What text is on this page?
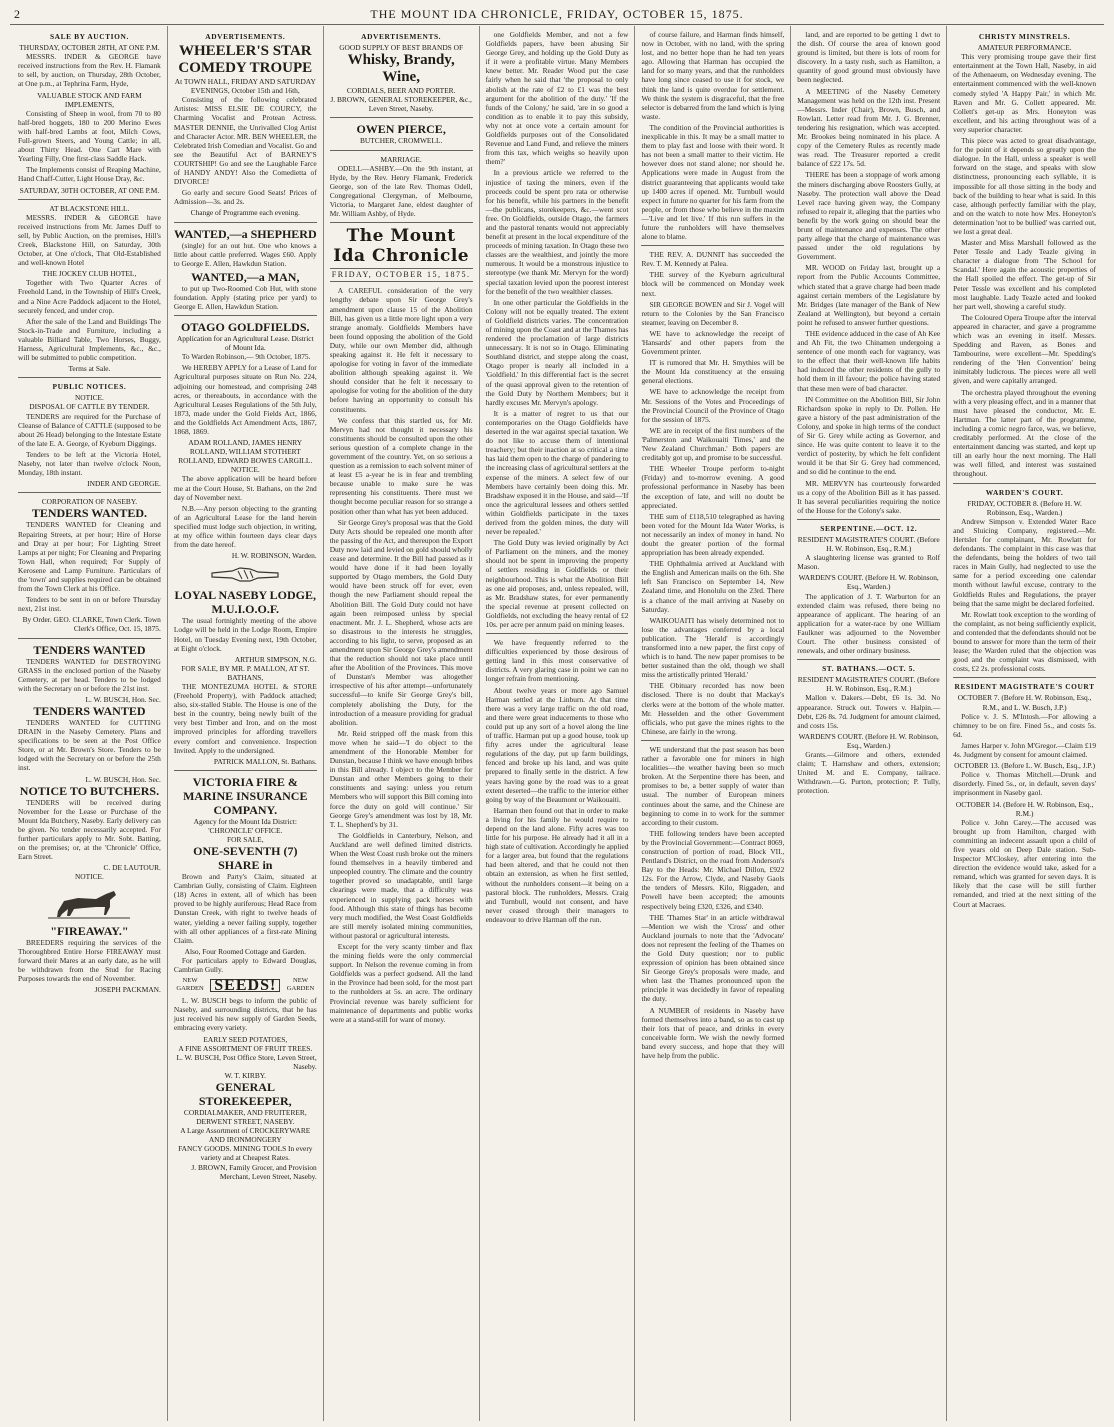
2	THE MOUNT IDA CHRONICLE, FRIDAY, OCTOBER 15, 1875.
SALE BY AUCTION.
THURSDAY, OCTOBER 28TH, AT ONE P.M.

MESSRS. INDER & GEORGE have received instructions from the Rev. H. Flamank to sell, by auction, on Thursday, 28th October, at One p.m., at Tephrina Farm, Hyde,

VALUABLE STOCK AND FARM IMPLEMENTS,

Consisting of Sheep in wool, from 70 to 80 half-bred hoggets, 180 to 200 Merino Ewes with half-bred Lambs at foot, Milch Cows, Full-grown Steers, and Young Cattle; in all, about Thirty Head. One Cart Mare with Yearling Filly, One first-class Saddle Hack.

The Implements consist of Reaping Machine, Hand Chaff-Cutter, Light House Dray, &c.

SATURDAY, 30TH OCTOBER, AT ONE P.M.
AT BLACKSTONE HILL.

MESSRS. INDER & GEORGE have received instructions from Mr. James Duff to sell, by Public Auction, on the premises, Hill's Creek, Blackstone Hill, on Saturday, 30th October, at One o'clock, That Old-Established and well-known Hotel

THE JOCKEY CLUB HOTEL,

Together with Two Quarter Acres of Freehold Land, in the Township of Hill's Creek, and a Nine Acre Paddock adjacent to the Hotel, securely fenced, and under crop.

After the sale of the Land and Buildings The Stock-in-Trade and Furniture, including a valuable Billiard Table, Two Horses, Buggy, Harness, Agricultural Implements, &c., &c., will be submitted to public competition.

Terms at Sale.
PUBLIC NOTICES.
NOTICE.
DISPOSAL OF CATTLE BY TENDER.

TENDERS are required for the Purchase of Cleanse of Balance of CATTLE (supposed to be about 26 Head) belonging to the Intestate Estate of the late E. A. George, of Kyeburn Diggings.

Tenders to be left at the Victoria Hotel, Naseby, not later than twelve o'clock Noon, Monday, 18th instant.

INDER AND GEORGE.
CORPORATION OF NASEBY.
TENDERS WANTED.

TENDERS WANTED for Cleaning and Repairing Streets, at per hour; Hire of Horse and Dray at per hour; For Lighting Street Lamps at per night; For Cleaning and Preparing Town Hall, when required; For Supply of Kerosene and Lamp Furniture. Particulars of the 'town' and supplies required can be obtained from the Town Clerk at his Office.

Tenders to be sent in on or before Thursday next, 21st inst.

By Order. GEO. CLARKE, Town Clerk. Town Clerk's Office, Oct. 15, 1875.
TENDERS WANTED

TENDERS WANTED for DESTROYING GRASS in the enclosed portion of the Naseby Cemetery, at per head. Tenders to be lodged with the Secretary on or before the 21st inst.

L. W. BUSCH, Hon. Sec.
TENDERS WANTED

TENDERS WANTED for CUTTING DRAIN in the Naseby Cemetery. Plans and specifications to be seen at the Post Office Store, or at Mr. Brown's Store. Tenders to be lodged with the Secretary on or before the 25th inst.

L. W. BUSCH, Hon. Sec.
NOTICE TO BUTCHERS.

TENDERS will be received during November for the Lease or Purchase of the Mount Ida Butchery, Naseby. Early delivery can be given. No tender necessarily accepted. For further particulars apply to Mr. Sobt. Batting, on the premises; or, at the 'Chronicle' Office, Earn Street.

C. DE LAUTOUR.
NOTICE.
"FIREAWAY."

BREEDERS requiring the services of the Thoroughbred Entire Horse FIREAWAY must forward their Mares at an early date, as he will be withdrawn from the Stud for Racing Purposes towards the end of November.

JOSEPH PACKMAN.
ADVERTISEMENTS.
WHEELER'S STAR COMEDY TROUPE
At TOWN HALL, FRIDAY AND SATURDAY EVENINGS, October 15th and 16th,

Consisting of the following celebrated Artistes: MISS ELSIE DE COURCY, the Charming Vocalist and Protean Actress. MASTER DENNIE, the Unrivalled Clog Artist and Character Actor. MR. BEN WHEELER, the Celebrated Irish Comedian and Vocalist. Go and see the Beautiful Act of BARNEY'S COURTSHIP! Go and see the Laughable Farce of HANDY ANDY! Also the Comedietta of DIVORCE!

Go early and secure Good Seats! Prices of Admission—3s. and 2s.

Change of Programme each evening.
WANTED,—a SHEPHERD

(single) for an out hut. One who knows a little about cattle preferred. Wages £60. Apply to George E. Allen, Hawkdun Station.

WANTED,—a MAN,

to put up Two-Roomed Cob Hut, with stone foundation. Apply (stating price per yard) to George E. Allen, Hawkdun Station.

OTAGO GOLDFIELDS.
Application for an Agricultural Lease. District of Mount Ida.

To Warden Robinson,— 9th October, 1875.

We HEREBY APPLY for a Lease of Land for Agricultural purposes situate on Run No. 224, adjoining our homestead, and comprising 248 acres, or thereabouts, in accordance with the Agricultural Leases Regulations of the 5th July, 1873, made under the Gold Fields Act, 1866, and the Goldfields Act Amendment Acts, 1867, 1868, 1869.

ADAM ROLLAND, JAMES HENRY ROLLAND, WILLIAM STOTHERT ROLLAND, EDWARD BOWES CARGILL.
NOTICE.

The above application will be heard before me at the Court House, St. Bathans, on the 2nd day of November next.

N.B.—Any person objecting to the granting of an Agricultural Lease for the land herein specified must lodge such objection, in writing, at my office within fourteen days clear days from the date hereof.

H. W. ROBINSON, Warden.
LOYAL NASEBY LODGE, M.U.I.O.O.F.

The usual fortnightly meeting of the above Lodge will be held in the Lodge Room, Empire Hotel, on Tuesday Evening next, 19th October, at Eight o'clock.

ARTHUR SIMPSON, N.G.
FOR SALE, BY MR. P. MALLON, AT ST. BATHANS,

THE MONTEZUMA HOTEL & STORE (Freehold Property), with Paddock attached; also, six-stalled Stable. The House is one of the best in the country, being newly built of the very best Timber and Iron, and on the most improved principles for affording travellers every comfort and convenience. Inspection Invited. Apply to the undersigned.

PATRICK MALLON, St. Bathans.
VICTORIA FIRE & MARINE INSURANCE COMPANY.
Agency for the Mount Ida District: 'CHRONICLE' OFFICE.
FOR SALE,
ONE-SEVENTH (7) SHARE in

Brown and Party's Claim, situated at Cambrian Gully, consisting of Claim. Eighteen (18) Acres in extent, all of which has been proved to be highly auriferous; Head Race from Dunstan Creek, with right to twelve heads of water, yielding a never failing supply, together with all other appliances of a first-rate Mining Claim.

Also, Four Roomed Cottage and Garden.

For particulars apply to Edward Douglas, Cambrian Gully.

NEW GARDEN SEEDS!	NEW GARDEN

L. W. BUSCH begs to inform the public of Naseby, and surrounding districts, that he has just received his new supply of Garden Seeds, embracing every variety.

EARLY SEED POTATOES,
A FINE ASSORTMENT OF FRUIT TREES.
L. W. BUSCH, Post Office Store, Leven Street, Naseby.
W. T. KIRBY.
GENERAL STOREKEEPER,
CORDIALMAKER, AND FRUITERER, DERWENT STREET, NASEBY.
A Large Assortment of CROCKERYWARE AND IRONMONGERY
FANCY GOODS. MINING TOOLS In every variety and at Cheapest Rates.
J. BROWN, Family Grocer, and Provision Merchant, Leven Street, Naseby.
ADVERTISEMENTS.
GOOD SUPPLY OF BEST BRANDS OF
Whisky, Brandy, Wine,
CORDIALS, BEER AND PORTER.
J. BROWN, GENERAL STOREKEEPER, &c., Leven Street, Naseby.
OWEN PIERCE,
BUTCHER, CROMWELL.
MARRIAGE.

ODELL—ASHBY.—On the 9th instant, at Hyde, by the Rev. Henry Flamank, Frederick George, son of the late Rev. Thomas Odell, Congregational Clergyman, of Melbourne, Victoria, to Margaret Jane, eldest daughter of Mr. William Ashby, of Hyde.

The Mount Ida Chronicle
FRIDAY, OCTOBER 15, 1875.

A CAREFUL consideration of the very lengthy debate upon Sir George Grey's amendment upon clause 15 of the Abolition Bill, has given us a little more light upon a very strange anomaly. Goldfields Members have been found opposing the abolition of the Gold Duty, while our own Member did, although speaking against it. He felt it necessary to apologise for voting in favor of the immediate abolition although speaking against it. We should consider that he felt it necessary to apologise for voting for the abolition of the duty before having an opportunity to consult his constituents.

We confess that this startled us, for Mr. Mervyn had not thought it necessary his constituents should be consulted upon the other serious question of a complete change in the government of the country. Yet, on so serious a question as a remission to each solvent miner of at least £5 a-year he is in fear and trembling because unable to make sure he was representing his constituents. There must we thought become peculiar reason for so strange a position other than what has yet been adduced.

Sir George Grey's proposal was that the Gold Duty Acts should be repealed one month after the passing of the Act, and thereupon the Export Duty now laid and levied on gold should wholly cease and determine. It the Bill had passed as it would have done if it had been loyally supported by Otago members, the Gold Duty would have been struck off for ever, even though the new Parliament should repeal the Abolition Bill. The Gold Duty could not have again been reimposed unless by special enactment. Mr. J. L. Shepherd, whose acts are so disastrous to the interests he struggles, according to his light, to serve, proposed as an amendment upon Sir George Grey's amendment that the reduction should not take place until after the Abolition of the Provinces. This move of Dunstan's Member was altogether irrespective of his after attempt—unfortunately successful—to knife Sir George Grey's bill, completely abolishing the Duty, for the introduction of a measure providing for gradual abolition.

Mr. Reid stripped off the mask from this move when he said—'I do object to the amendment of the Honorable Member for Dunstan, because I think we have enough bribes in this Bill already. I object to the Member for Dunstan and other Members going to their constituents and saying: unless you return Members who will support this Bill coming into force the duty on gold will continue.' Sir George Grey's amendment was lost by 18, Mr. T. L. Shepherd's by 31.

The Goldfields in Canterbury, Nelson, and Auckland are well defined limited districts. When the West Coast rush broke out the miners found themselves in a heavily timbered and unpeopled country. The climate and the country together proved so unadaptable, until large clearings were made, that a difficulty was experienced in supplying pack horses with food. Although this state of things has become very much modified, the West Coast Goldfields are still merely isolated mining communities, without pastoral or agricultural interests.

Except for the very scanty timber and flax the mining fields were the only commercial support. In Nelson the revenue coming in from Goldfields was a perfect godsend. All the land in the Province had been sold, for the most part to the runholders at 5s. an acre. The ordinary Provincial revenue was barely sufficient for maintenance of departments and public works were at a stand-still for want of money.

one Goldfields Member, and not a few Goldfields papers, have been abusing Sir George Grey, and holding up the Gold Duty as if it were a profitable virtue. Many Members knew better. Mr. Reader Wood put the case fairly when he said that 'the proposal to only abolish at the rate of £2 to £1 was the best argument for the abolition of the duty.' 'If the funds of the Colony,' he said, 'are in so good a condition as to enable it to pay this subsidy, why not at once vote a certain amount for Goldfields purposes out of the Consolidated Revenue and Land Fund, and relieve the miners from this tax, which weighs so heavily upon them?'

In a previous article we referred to the injustice of taxing the miners, even if the proceeds could be spent pro rata or otherwise for his benefit, while his partners in the benefit—the publicans, storekeepers, &c.—went scot free. On Goldfields, outside Otago, the farmers and the pastoral tenants would not appreciably benefit at present in the local expenditure of the proceeds of mining taxation. In Otago these two classes are the wealthiest, and jointly the more numerous. It would be a monstrous injustice to stereotype (we thank Mr. Mervyn for the word) special taxation levied upon the poorest interest for the benefit of the two wealthier classes.

In one other particular the Goldfields in the Colony will not be equally treated. The extent of Goldfield districts varies. The concentration of mining upon the Coast and at the Thames has rendered the proclamation of large districts unnecessary. It is not so in Otago. Eliminating Southland district, and steppe along the coast, Otago proper is nearly all included in a 'Goldfield.' In this differential fact is the secret of the quasi approval given to the retention of the Gold Duty by Northern Members; but it hardly excuses Mr. Mervyn's apology.

It is a matter of regret to us that our contemporaries on the Otago Goldfields have deserted in the war against special taxation. We do not like to accuse them of intentional treachery; but their inaction at so critical a time has laid them open to the charge of pandering to the increasing class of agricultural settlers at the expense of the miners. A select few of our Members have certainly been doing this. Mr. Bradshaw exposed it in the House, and said—'If once the agricultural lessees and others settled within Goldfields participate in the taxes derived from the golden mines, the duty will never be repealed.'

The Gold Duty was levied originally by Act of Parliament on the miners, and the money should not be spent in improving the property of settlers residing in Goldfields or their neighbourhood. This is what the Abolition Bill as one aid proposes, and, unless repealed, will, as Mr. Bradshaw states, for ever permanently the special revenue at present collected on Goldfields, not excluding the heavy rental of £2 10s. per acre per annum paid on mining leases.

We have frequently referred to the difficulties experienced by those desirous of getting land in this most conservative of districts. A very glaring case in point we can no longer refrain from mentioning.

About twelve years or more ago Samuel Harman settled at the Linburn. At that time there was a very large traffic on the old road, and there were great inducements to those who could put up any sort of a hovel along the line of traffic. Harman put up a good house, took up fifty acres under the agricultural lease regulations of the day, put up farm buildings, fenced and broke up his land, and was quite prepared to finally settle in the district. A few years having gone by the road was to a great extent deserted—the traffic to the interior either going by way of the Beaumont or Waikouaiti.

Harman then found out that in order to make a living for his family he would require to depend on the land alone. Fifty acres was too little for his purpose. He already had it all in a high state of cultivation. Accordingly he applied for a larger area, but found that the regulations had been altered, and that he could not then obtain an extension, as when he first settled, without the runholders consent—it being on a pastoral block. The runholders, Messrs. Craig and Turnbull, would not consent, and have never ceased through their managers to endeavour to drive Harman off the run.

of course failure, and Harman finds himself, now in October, with no land, with the spring lost, and no better hope than he had ten years ago. Allowing that Harman has occupied the land for so many years, and that the runholders have long since ceased to use it for stock, we think the land is quite overdue for settlement. We think the system is disgraceful, that the free selector is debarred from the land which is lying waste.

The condition of the Provincial authorities is inexplicable in this. It may be a small matter to them to play fast and loose with their word. It has not been a small matter to their victim. He however does not stand alone; nor should he. Applications were made in August from the district guaranteeing that applicants would take up 1400 acres if opened. Mr. Turnbull would expect in future no quarter for his farm from the people, or from those who believe in the maxim—'Live and let live.' If this run suffers in the future the runholders will have themselves alone to blame.

THE REV. A. DUNNIT has succeeded the Rev. T. M. Kennedy at Palea.

THE survey of the Kyeburn agricultural block will be commenced on Monday week next.

SIR GEORGE BOWEN and Sir J. Vogel will return to the Colonies by the San Francisco steamer, leaving on December 8.

WE have to acknowledge the receipt of 'Hansards' and other papers from the Government printer.

IT is rumored that Mr. H. Smythies will be the Mount Ida constituency at the ensuing general elections.

WE have to acknowledge the receipt from Mr. Sessions of the Votes and Proceedings of the Provincial Council of the Province of Otago for the session of 1875.

WE are in receipt of the first numbers of the 'Palmerston and Waikouaiti Times,' and the 'New Zealand Churchman.' Both papers are creditably got up, and promise to be successful.

THE Wheeler Troupe perform to-night (Friday) and to-morrow evening. A good professional performance in Naseby has been the exception of late, and will no doubt be appreciated.

THE sum of £118,510 telegraphed as having been voted for the Mount Ida Water Works, is not necessarily an index of money in hand. No doubt the greater portion of the formal appropriation has been already expended.

THE Ophthalmia arrived at Auckland with the English and American mails on the 6th. She left San Francisco on September 14, New Zealand time, and Honolulu on the 23rd. There is a chance of the mail arriving at Naseby on Saturday.

WAIKOUAITI has wisely determined not to lose the advantages conferred by a local publication. The 'Herald' is accordingly transformed into a new paper, the first copy of which is to hand. The new paper promises to be better sustained than the old, though we shall miss the artistically printed 'Herald.'

THE Obituary recorded has now been disclosed. There is no doubt that Mackay's clerks were at the bottom of the whole matter. Mr. Hesselden and the other Government officials, who put gave the mines rights to the Chinese, are fairly in the wrong.

WE understand that the past season has been rather a favorable one for miners in high localities—the weather having been so much broken. At the Serpentine there has been, and promises to be, a better supply of water than usual. The number of European miners continues about the same, and the Chinese are beginning to come in to work for the summer according to their custom.

THE following tenders have been accepted by the Provincial Government:—Contract 8069, construction of portion of road, Block VII., Pentland's District, on the road from Anderson's Bay to the Heads: Mr. Michael Dillon, £922 12s. For the Arrow, Clyde, and Naseby Gaols the tenders of Messrs. Kilo, Riggaden, and Powell have been accepted; the amounts respectively being £320, £326, and £340.

THE 'Thames Star' in an article withdrawal—Mention we wish the 'Cross' and other Auckland journals to note that the 'Advocate' does not represent the feeling of the Thames on the Gold Duty question; nor to public expression of opinion has been obtained since Sir George Grey's proposals were made, and when last the Thames pronounced upon the principle it was decidedly in favor of repealing the duty.

A NUMBER of residents in Naseby have formed themselves into a band, so as to cast up their lots that of peace, and drinks in every conceivable form. We wish the newly formed band every success, and hope that they will have help from the public.

land, and are reported to be getting 1 dwt to the dish. Of course the area of known good ground is limited, but there is lots of room for discovery. In a tasty rush, such as Hamilton, a quantity of good ground must obviously have been neglected.

A MEETING of the Naseby Cemetery Management was held on the 12th inst. Present—Messrs. Inder (Chair), Brown, Busch, and Rowlatt. Letter read from Mr. J. G. Brenner, tendering his resignation, which was accepted. Mr. Brookes being nominated in his place. A copy of the Cemetery Rules as recently made was read. The Treasurer reported a credit balance of £22 17s. 5d.

THERE has been a stoppage of work among the miners discharging above Roosters Gully, at Naseby. The protection wall above the Dead Level race having given way, the Company refused to repair it, alleging that the parties who benefit by the work going on should bear the brunt of maintenance and expenses. The other party allege that the charge of maintenance was passed under the old regulations by Government.

MR. WOOD on Friday last, brought up a report from the Public Accounts Committee, which stated that a grave charge had been made against certain members of the Legislature by Mr. Bridges (late manager of the Bank of New Zealand at Wellington), but beyond a certain point he refused to answer further questions.

THE evidence adduced in the case of Ah Kee and Ah Fit, the two Chinamen undergoing a sentence of one month each for vagrancy, was to the effect that their well-known life habits had induced the other residents of the gully to hold them in ill favour; the police having stated that these men were of bad character.

IN Committee on the Abolition Bill, Sir John Richardson spoke in reply to Dr. Pollen. He gave a history of the past administration of the Colony, and spoke in high terms of the conduct of Sir G. Grey while acting as Governor, and since. He was quite content to leave it to the verdict of posterity, by which he felt confident would it be that Sir G. Grey had commenced, and so did he continue to the end.

MR. MERVYN has courteously forwarded us a copy of the Abolition Bill as it has passed. It has several peculiarities requiring the notice of the House for the Colony's sake.

SERPENTINE.—OCT. 12.
RESIDENT MAGISTRATE'S COURT. (Before H. W. Robinson, Esq., R.M.)

A slaughtering license was granted to Rolf Mason.

WARDEN'S COURT. (Before H. W. Robinson, Esq., Warden.)

The application of J. T. Warburton for an extended claim was refused, there being no appearance of applicant. The hearing of an application for a water-race by one William Faulkner was adjourned to the November Court. The other business consisted of renewals, and other ordinary business.

ST. BATHANS.—OCT. 5.
RESIDENT MAGISTRATE'S COURT. (Before H. W. Robinson, Esq., R.M.)

Mallon v. Dakers.—Debt, £6 1s. 3d. No appearance. Struck out. Towers v. Halpin.—Debt, £26 8s. 7d. Judgment for amount claimed, and costs 15s.

WARDEN'S COURT. (Before H. W. Robinson, Esq., Warden.)

Grants.—Gilmore and others, extended claim; T. Harnshaw and others, extension; United M. and E. Company, tailrace. Withdrawn.—G. Purton, protection; P. Tully, protection.

CHRISTY MINSTRELS.
AMATEUR PERFORMANCE.

This very promising troupe gave their first entertainment at the Town Hall, Naseby, in aid of the Athenaeum, on Wednesday evening. The entertainment commenced with the well-known comedy styled 'A Happy Pair,' in which Mr. Raven and Mr. G. Collett appeared. Mr. Collett's get-up as Mrs. Honeyton was excellent, and his acting throughout was of a very superior character.

This piece was acted to great disadvantage, for the point of it depends so greatly upon the dialogue. In the Hall, unless a speaker is well forward on the stage, and speaks with slow distinctness, pronouncing each syllable, it is impossible for all those sitting in the body and back of the building to hear what is said. In this case, although perfectly familiar with the play, and on the watch to note how Mrs. Honeyton's determination 'not to be bullied' was carried out, we lost a great deal.

Master and Miss Marshall followed as the Peter Tessle and Lady Teazle giving in character a dialogue from 'The School for Scandal.' Here again the acoustic properties of the Hall spoiled the effect. The get-up of Sir Peter Tessle was excellent and his completed most laughable. Lady Teazle acted and looked her part well, showing a careful study.

The Coloured Opera Troupe after the interval appeared in character, and gave a programme which was an evening in itself. Messrs. Spedding and Raven, as Bones and Tambourine, were excellent—Mr. Spedding's rendering of the 'Hen Convention' being inimitably ludicrous. The pieces were all well given, and were capitally arranged.

The orchestra played throughout the evening with a very pleasing effect, and in a manner that must have pleased the conductor, Mr. E. Hartman. The latter part of the programme, including a comic negro farce, was, we believe, creditably performed. At the close of the entertainment dancing was started, and kept up till an early hour the next morning. The Hall was well filled, and interest was sustained throughout.

WARDEN'S COURT.
FRIDAY, OCTOBER 8. (Before H. W. Robinson, Esq., Warden.)

Andrew Simpson v. Extended Water Race and Sluicing Company, registered.—Mr. Hertslet for complainant, Mr. Rowlatt for defendants. The complaint in this case was that the defendants, being the holders of two tail races in Main Gully, had neglected to use the same for a period exceeding one calendar month without lawful excuse, contrary to the Goldfields Rules and Regulations, the prayer being that the same might be declared forfeited.

Mr. Rowlatt took exception to the wording of the complaint, as not being sufficiently explicit, and contended that the defendants should not be bound to answer for more than the term of their lease; the Warden ruled that the objection was good and the complaint was dismissed, with costs, £2 2s. professional costs.

RESIDENT MAGISTRATE'S COURT
OCTOBER 7. (Before H. W. Robinson, Esq., R.M., and L. W. Busch, J.P.)

Police v. J. S. M'Intosh.—For allowing a chimney to be on fire. Fined 5s., and costs 5s. 6d.

James Harper v. John M'Gregor.—Claim £19 4s. Judgment by consent for amount claimed.

OCTOBER 13. (Before L. W. Busch, Esq., J.P.)

Police v. Thomas Mitchell.—Drunk and disorderly. Fined 5s., or, in default, seven days' imprisonment in Naseby gaol.

OCTOBER 14. (Before H. W. Robinson, Esq., R.M.)

Police v. John Carey.—The accused was brought up from Hamilton, charged with committing an indecent assault upon a child of five years old on Deep Dale station. Sub-Inspector M'Closkey, after entering into the direction the evidence would take, asked for a remand, which was granted for seven days. It is likely that the case will be still further remanded, and tried at the next sitting of the Court at Macraes.
